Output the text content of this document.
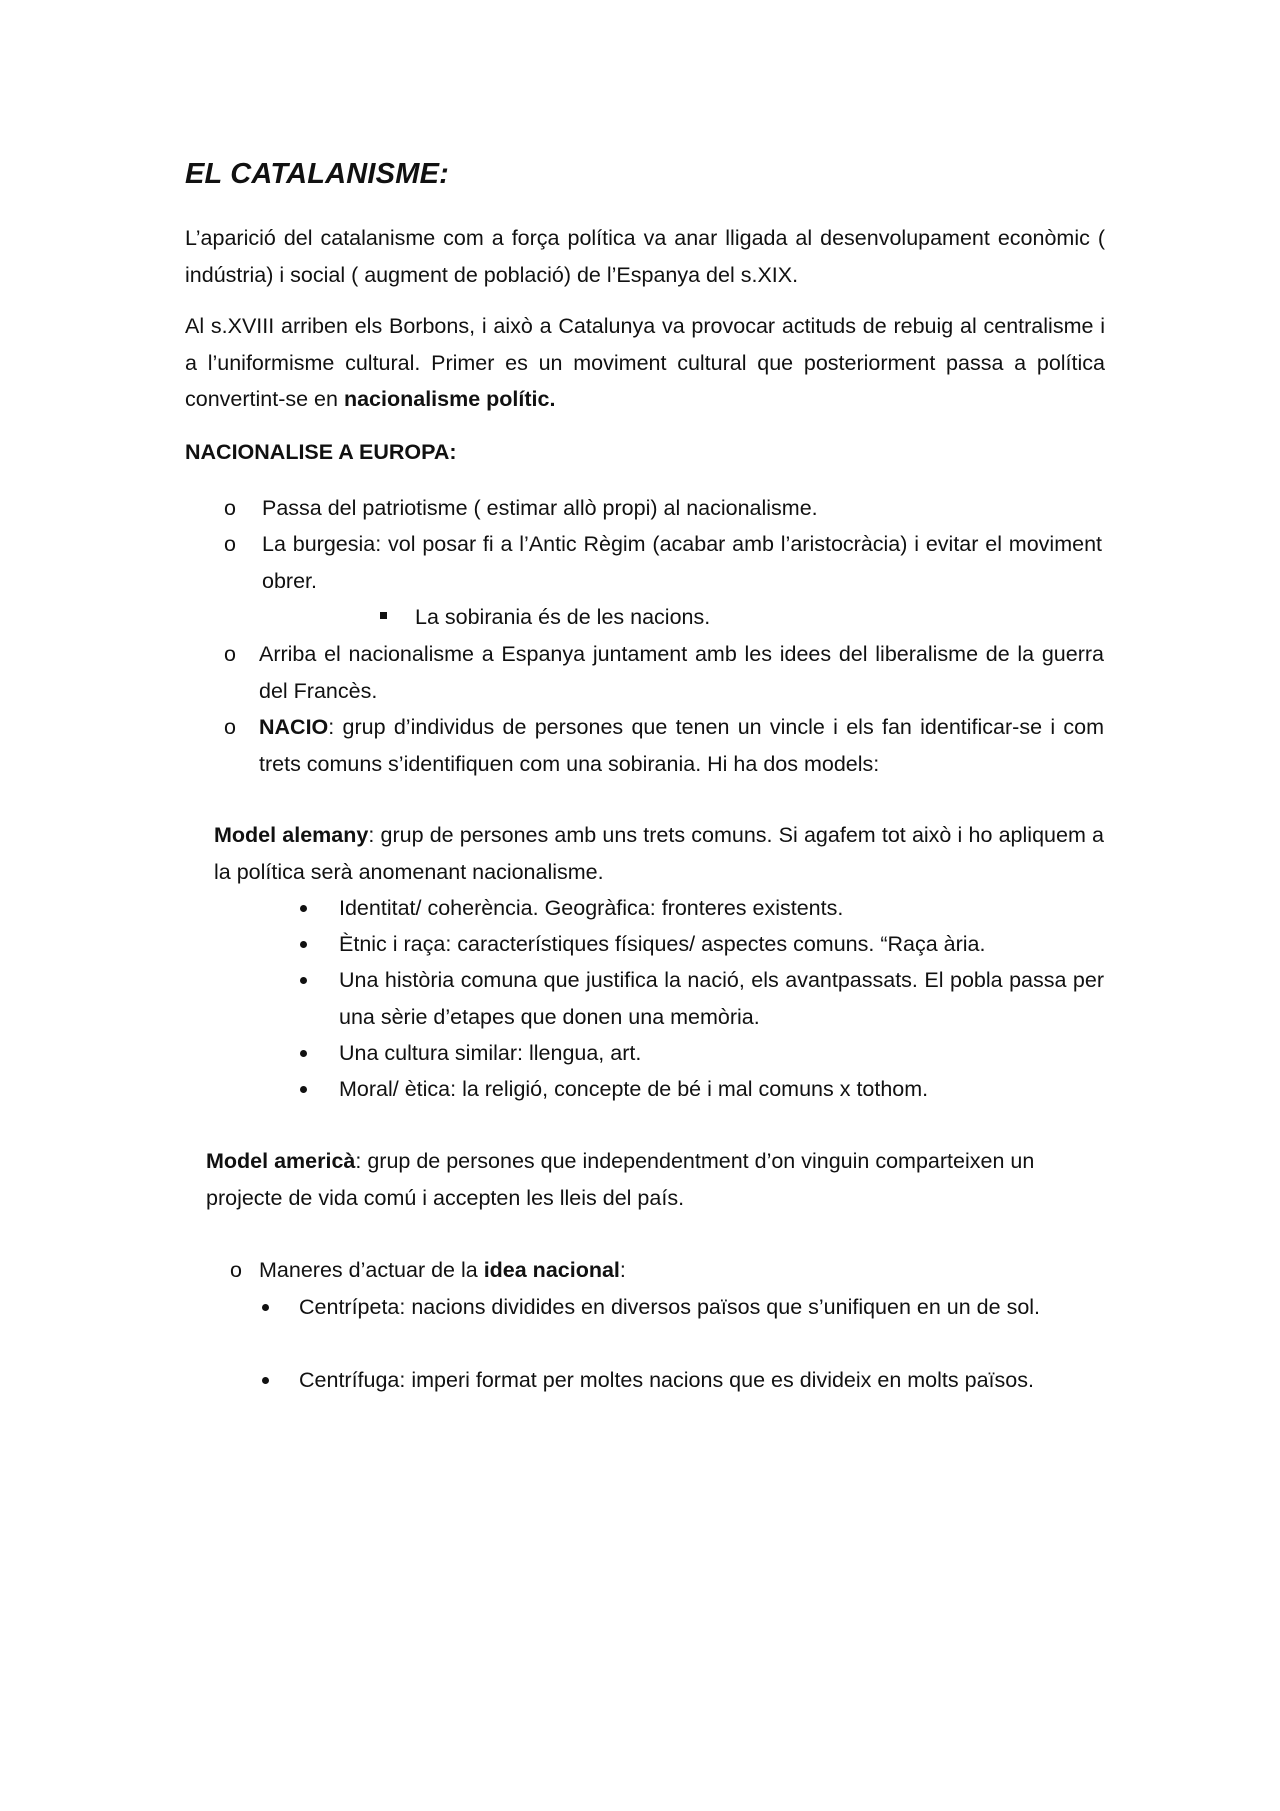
EL CATALANISME:
L’aparició del catalanisme com a força política va anar lligada al desenvolupament econòmic ( indústria) i social ( augment de població) de l’Espanya del s.XIX.
Al s.XVIII arriben els Borbons, i això a Catalunya va provocar actituds de rebuig al centralisme i a l’uniformisme cultural. Primer es un moviment cultural que posteriorment passa a política convertint-se en nacionalisme polític.
NACIONALISE A EUROPA:
o Passa del patriotisme ( estimar allò propi) al nacionalisme.
o La burgesia: vol posar fi a l’Antic Règim (acabar amb l’aristocràcia) i evitar el moviment obrer.
La sobirania és de les nacions.
o Arriba el nacionalisme a Espanya juntament amb les idees del liberalisme de la guerra del Francès.
o NACIO: grup d’individus de persones que tenen un vincle i els fan identificar-se i com trets comuns s’identifiquen com una sobirania. Hi ha dos models:
Model alemany: grup de persones amb uns trets comuns. Si agafem tot això i ho apliquem a la política serà anomenant nacionalisme.
Identitat/ coherència. Geogràfica: fronteres existents.
Ètnic i raça: característiques físiques/ aspectes comuns. “Raça ària.
Una història comuna que justifica la nació, els avantpassats. El pobla passa per una sèrie d’etapes que donen una memòria.
Una cultura similar: llengua, art.
Moral/ ètica: la religió, concepte de bé i mal comuns x tothom.
Model americà: grup de persones que independentment d’on vinguin comparteixen un projecte de vida comú i accepten les lleis del país.
o Maneres d’actuar de la idea nacional:
Centrípeta: nacions dividides en diversos països que s’unifiquen en un de sol.
Centrífuga: imperi format per moltes nacions que es divideix en molts països.
